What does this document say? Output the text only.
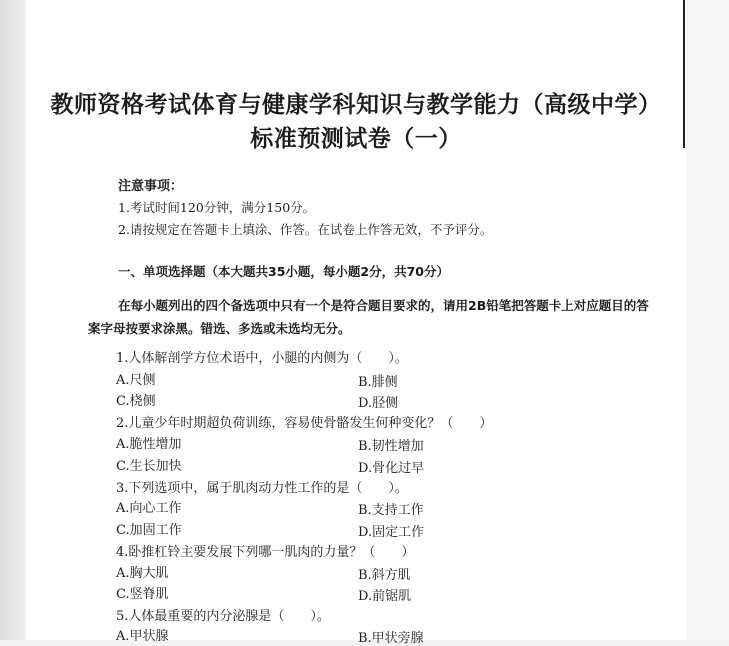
教师资格考试体育与健康学科知识与教学能力（高级中学）
标准预测试卷（一）
注意事项：
1.考试时间120分钟，满分150分。
2.请按规定在答题卡上填涂、作答。在试卷上作答无效，不予评分。
一、单项选择题（本大题共35小题，每小题2分，共70分）
在每小题列出的四个备选项中只有一个是符合题目要求的，请用2B铅笔把答题卡上对应题目的答案字母按要求涂黑。错选、多选或未选均无分。
1.人体解剖学方位术语中，小腿的内侧为（　　）。
A.尺侧	B.腓侧
C.桡侧	D.胫侧
2.儿童少年时期超负荷训练，容易使骨骼发生何种变化？（　　）
A.脆性增加	B.韧性增加
C.生长加快	D.骨化过早
3.下列选项中，属于肌肉动力性工作的是（　　）。
A.向心工作	B.支持工作
C.加固工作	D.固定工作
4.卧推杠铃主要发展下列哪一肌肉的力量？（　　）
A.胸大肌	B.斜方肌
C.竖脊肌	D.前锯肌
5.人体最重要的内分泌腺是（　　）。
A.甲状腺	B.甲状旁腺
